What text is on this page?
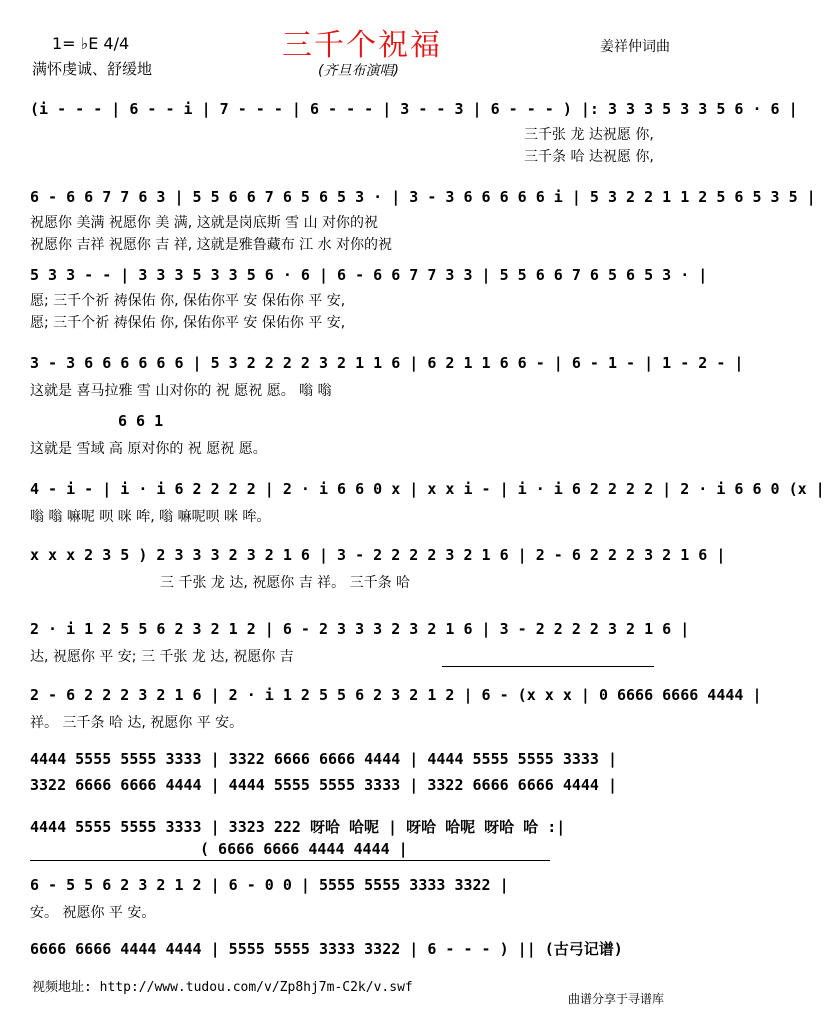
三千个祝福
1= ♭E 4/4
满怀虔诚、舒缓地	(齐旦布演唱)
姜祥仲词曲
(i - - - | 6 - - i | 7 - - - | 6 - - - | 3 - - 3 | 6 - - - ) |: 3 3 3 5 3 3 5 6 · 6 |
三千张 龙 达祝愿 你,
三千条 哈 达祝愿 你,
6 - 6 6 7 7 6 3 | 5 5 6 6 7 6 5 6 5 3 · | 3 - 3 6 6 6 6 6 i | 5 3 2 2 1 1 2 5 6 5 3 5 |
祝愿你 美满 祝愿你 美 满, 这就是岗底斯 雪 山 对你的祝
祝愿你 吉祥 祝愿你 吉 祥, 这就是雅鲁藏布 江 水 对你的祝
5 3 3 - - | 3 3 3 5 3 3 5 6 · 6 | 6 - 6 6 7 7 3 3 | 5 5 6 6 7 6 5 6 5 3 · |
愿; 三千个祈 祷保佑 你, 保佑你平 安 保佑你 平 安,
愿; 三千个祈 祷保佑 你, 保佑你平 安 保佑你 平 安,
3 - 3 6 6 6 6 6 6 | 5 3 2 2 2 2 3 2 1 1 6 | 6 2 1 1 6 6 - | 6 - 1 - | 1 - 2 - |
这就是 喜马拉雅 雪 山对你的 祝 愿祝 愿。 嗡 嗡
6 6 1
这就是 雪域 高 原对你的 祝 愿祝 愿。
4 - i - | i · i 6 2 2 2 2 | 2 · i 6 6 0 x | x x i - | i · i 6 2 2 2 2 | 2 · i 6 6 0 (x |
嗡 嗡 嘛呢 呗 咪 哞, 嗡 嘛呢呗 咪 哞。
x x x 2 3 5 ) 2 3 3 3 2 3 2 1 6 | 3 - 2 2 2 2 3 2 1 6 | 2 - 6 2 2 2 3 2 1 6 |
三 千张 龙 达, 祝愿你 吉 祥。 三千条 哈
2 · i 1 2 5 5 6 2 3 2 1 2 | 6 - 2 3 3 3 2 3 2 1 6 | 3 - 2 2 2 2 3 2 1 6 |
达, 祝愿你 平 安; 三 千张 龙 达, 祝愿你 吉
2 - 6 2 2 2 3 2 1 6 | 2 · i 1 2 5 5 6 2 3 2 1 2 | 6 - (x x x | 0 6666 6666 4444 |
祥。 三千条 哈 达, 祝愿你 平 安。
4444 5555 5555 3333 | 3322 6666 6666 4444 | 4444 5555 5555 3333 |
3322 6666 6666 4444 | 4444 5555 5555 3333 | 3322 6666 6666 4444 |
4444 5555 5555 3333 | 3323 222 呀哈 哈呢 | 呀哈 哈呢 呀哈 哈 :|
( 6666 6666 4444 4444 |
6 - 5 5 6 2 3 2 1 2 | 6 - 0 0 | 5555 5555 3333 3322 |
安。 祝愿你 平 安。
6666 6666 4444 4444 | 5555 5555 3333 3322 | 6 - - - ) || (古弓记谱)
视频地址: http://www.tudou.com/v/Zp8hj7m-C2k/v.swf
曲谱分享于寻谱库
